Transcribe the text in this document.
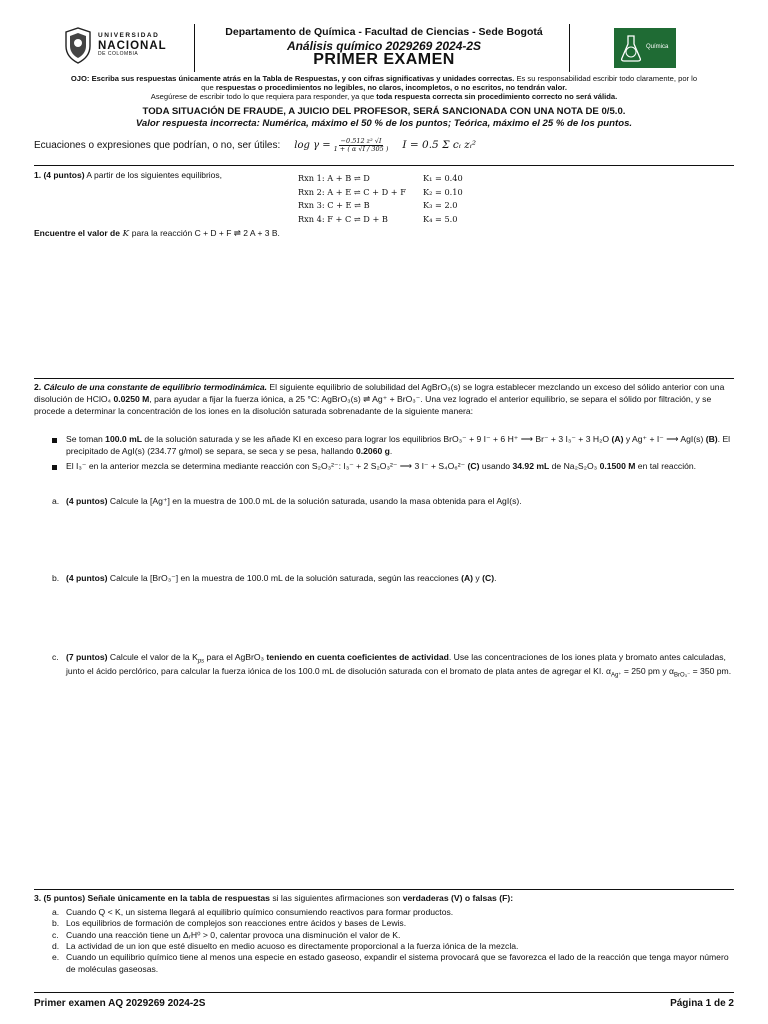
UNIVERSIDAD
NACIONAL
DE COLOMBIA
Departamento de Química - Facultad de Ciencias - Sede Bogotá
Análisis químico 2029269 2024-2S
PRIMER EXAMEN
Química
OJO: Escriba sus respuestas únicamente atrás en la Tabla de Respuestas, y con cifras significativas y unidades correctas. Es su responsabilidad escribir todo claramente, por lo
que respuestas o procedimientos no legibles, no claros, incompletos, o no escritos, no tendrán valor.
Asegúrese de escribir todo lo que requiera para responder, ya que toda respuesta correcta sin procedimiento correcto no será válida.
TODA SITUACIÓN DE FRAUDE, A JUICIO DEL PROFESOR, SERÁ SANCIONADA CON UNA NOTA DE 0/5.0.
Valor respuesta incorrecta: Numérica, máximo el 50 % de los puntos; Teórica, máximo el 25 % de los puntos.
Ecuaciones o expresiones que podrían, o no, ser útiles: $\log \gamma = \frac{\text{−0.512 z² √I}}{1 + ( \alpha √I / 305 )}$ I = 0.5 Σ cᵢ zᵢ²
1. (4 puntos) A partir de los siguientes equilibrios,	Rxn 1: A + B ⇌ D	K₁ = 0.40
Rxn 2: A + E ⇌ C + D + F	K₂ = 0.10
Rxn 3: C + E ⇌ B	K₃ = 2.0
Rxn 4: F + C ⇌ D + B	K₄ = 5.0
Encuentre el valor de K para la reacción C + D + F ⇌ 2 A + 3 B.
2. Cálculo de una constante de equilibrio termodinámica. El siguiente equilibrio de solubilidad del AgBrO₃(s) se logra establecer mezclando un exceso del sólido anterior con una disolución de HClO₄ 0.0250 M, para ayudar a fijar la fuerza iónica, a 25 °C: AgBrO₃(s) ⇌ Ag⁺ + BrO₃⁻. Una vez logrado el anterior equilibrio, se separa el sólido por filtración, y se procede a determinar la concentración de los iones en la disolución saturada sobrenadante de la siguiente manera:
Se toman 100.0 mL de la solución saturada y se les añade KI en exceso para lograr los equilibrios BrO₃⁻ + 9 I⁻ + 6 H⁺ ⟶ Br⁻ + 3 I₃⁻ + 3 H₂O (A) y Ag⁺ + I⁻ ⟶ AgI(s) (B). El precipitado de AgI(s) (234.77 g/mol) se separa, se seca y se pesa, hallando 0.2060 g.
El I₃⁻ en la anterior mezcla se determina mediante reacción con S₂O₃²⁻: I₃⁻ + 2 S₂O₃²⁻ ⟶ 3 I⁻ + S₄O₆²⁻ (C) usando 34.92 mL de Na₂S₂O₃ 0.1500 M en tal reacción.
a. (4 puntos) Calcule la [Ag⁺] en la muestra de 100.0 mL de la solución saturada, usando la masa obtenida para el AgI(s).
b. (4 puntos) Calcule la [BrO₃⁻] en la muestra de 100.0 mL de la solución saturada, según las reacciones (A) y (C).
c. (7 puntos) Calcule el valor de la $K_{ps}$ para el AgBrO₃ teniendo en cuenta coeficientes de actividad. Use las concentraciones de los iones plata y bromato antes calculadas, junto el ácido perclórico, para calcular la fuerza iónica de los 100.0 mL de disolución saturada con el bromato de plata antes de agregar el KI. $\alpha_{Ag^+} = 250$ pm y $\alpha_{BrO_3^-} = 350$ pm.
3. (5 puntos) Señale únicamente en la tabla de respuestas si las siguientes afirmaciones son verdaderas (V) o falsas (F):
a. Cuando Q < K, un sistema llegará al equilibrio químico consumiendo reactivos para formar productos.
b. Los equilibrios de formación de complejos son reacciones entre ácidos y bases de Lewis.
c. Cuando una reacción tiene un ΔᵣH⁰ > 0, calentar provoca una disminución el valor de K.
d. La actividad de un ion que esté disuelto en medio acuoso es directamente proporcional a la fuerza iónica de la mezcla.
e. Cuando un equilibrio químico tiene al menos una especie en estado gaseoso, expandir el sistema provocará que se favorezca el lado de la reacción que tenga mayor número de moléculas gaseosas.
Primer examen AQ 2029269 2024-2S	Página 1 de 2
